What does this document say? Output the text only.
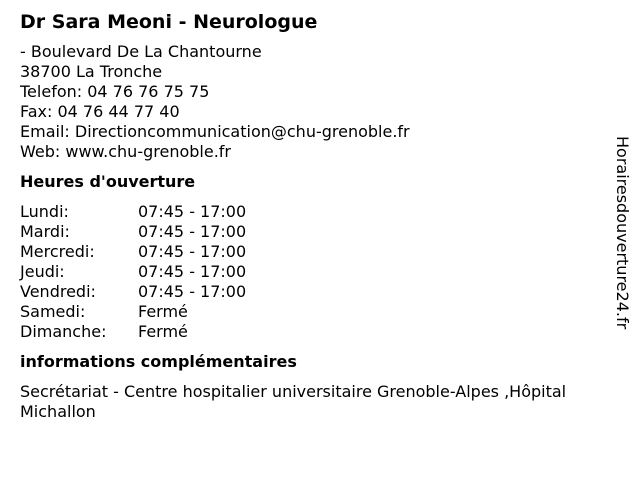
Dr Sara Meoni - Neurologue
- Boulevard De La Chantourne
38700 La Tronche
Telefon: 04 76 76 75 75
Fax: 04 76 44 77 40
Email: Directioncommunication@chu-grenoble.fr
Web: www.chu-grenoble.fr
Heures d'ouverture
Lundi:	07:45 - 17:00
Mardi:	07:45 - 17:00
Mercredi:	07:45 - 17:00
Jeudi:	07:45 - 17:00
Vendredi:	07:45 - 17:00
Samedi:	Fermé
Dimanche:	Fermé
informations complémentaires
Secrétariat - Centre hospitalier universitaire Grenoble-Alpes ,Hôpital Michallon
Horairesdouverture24.fr
